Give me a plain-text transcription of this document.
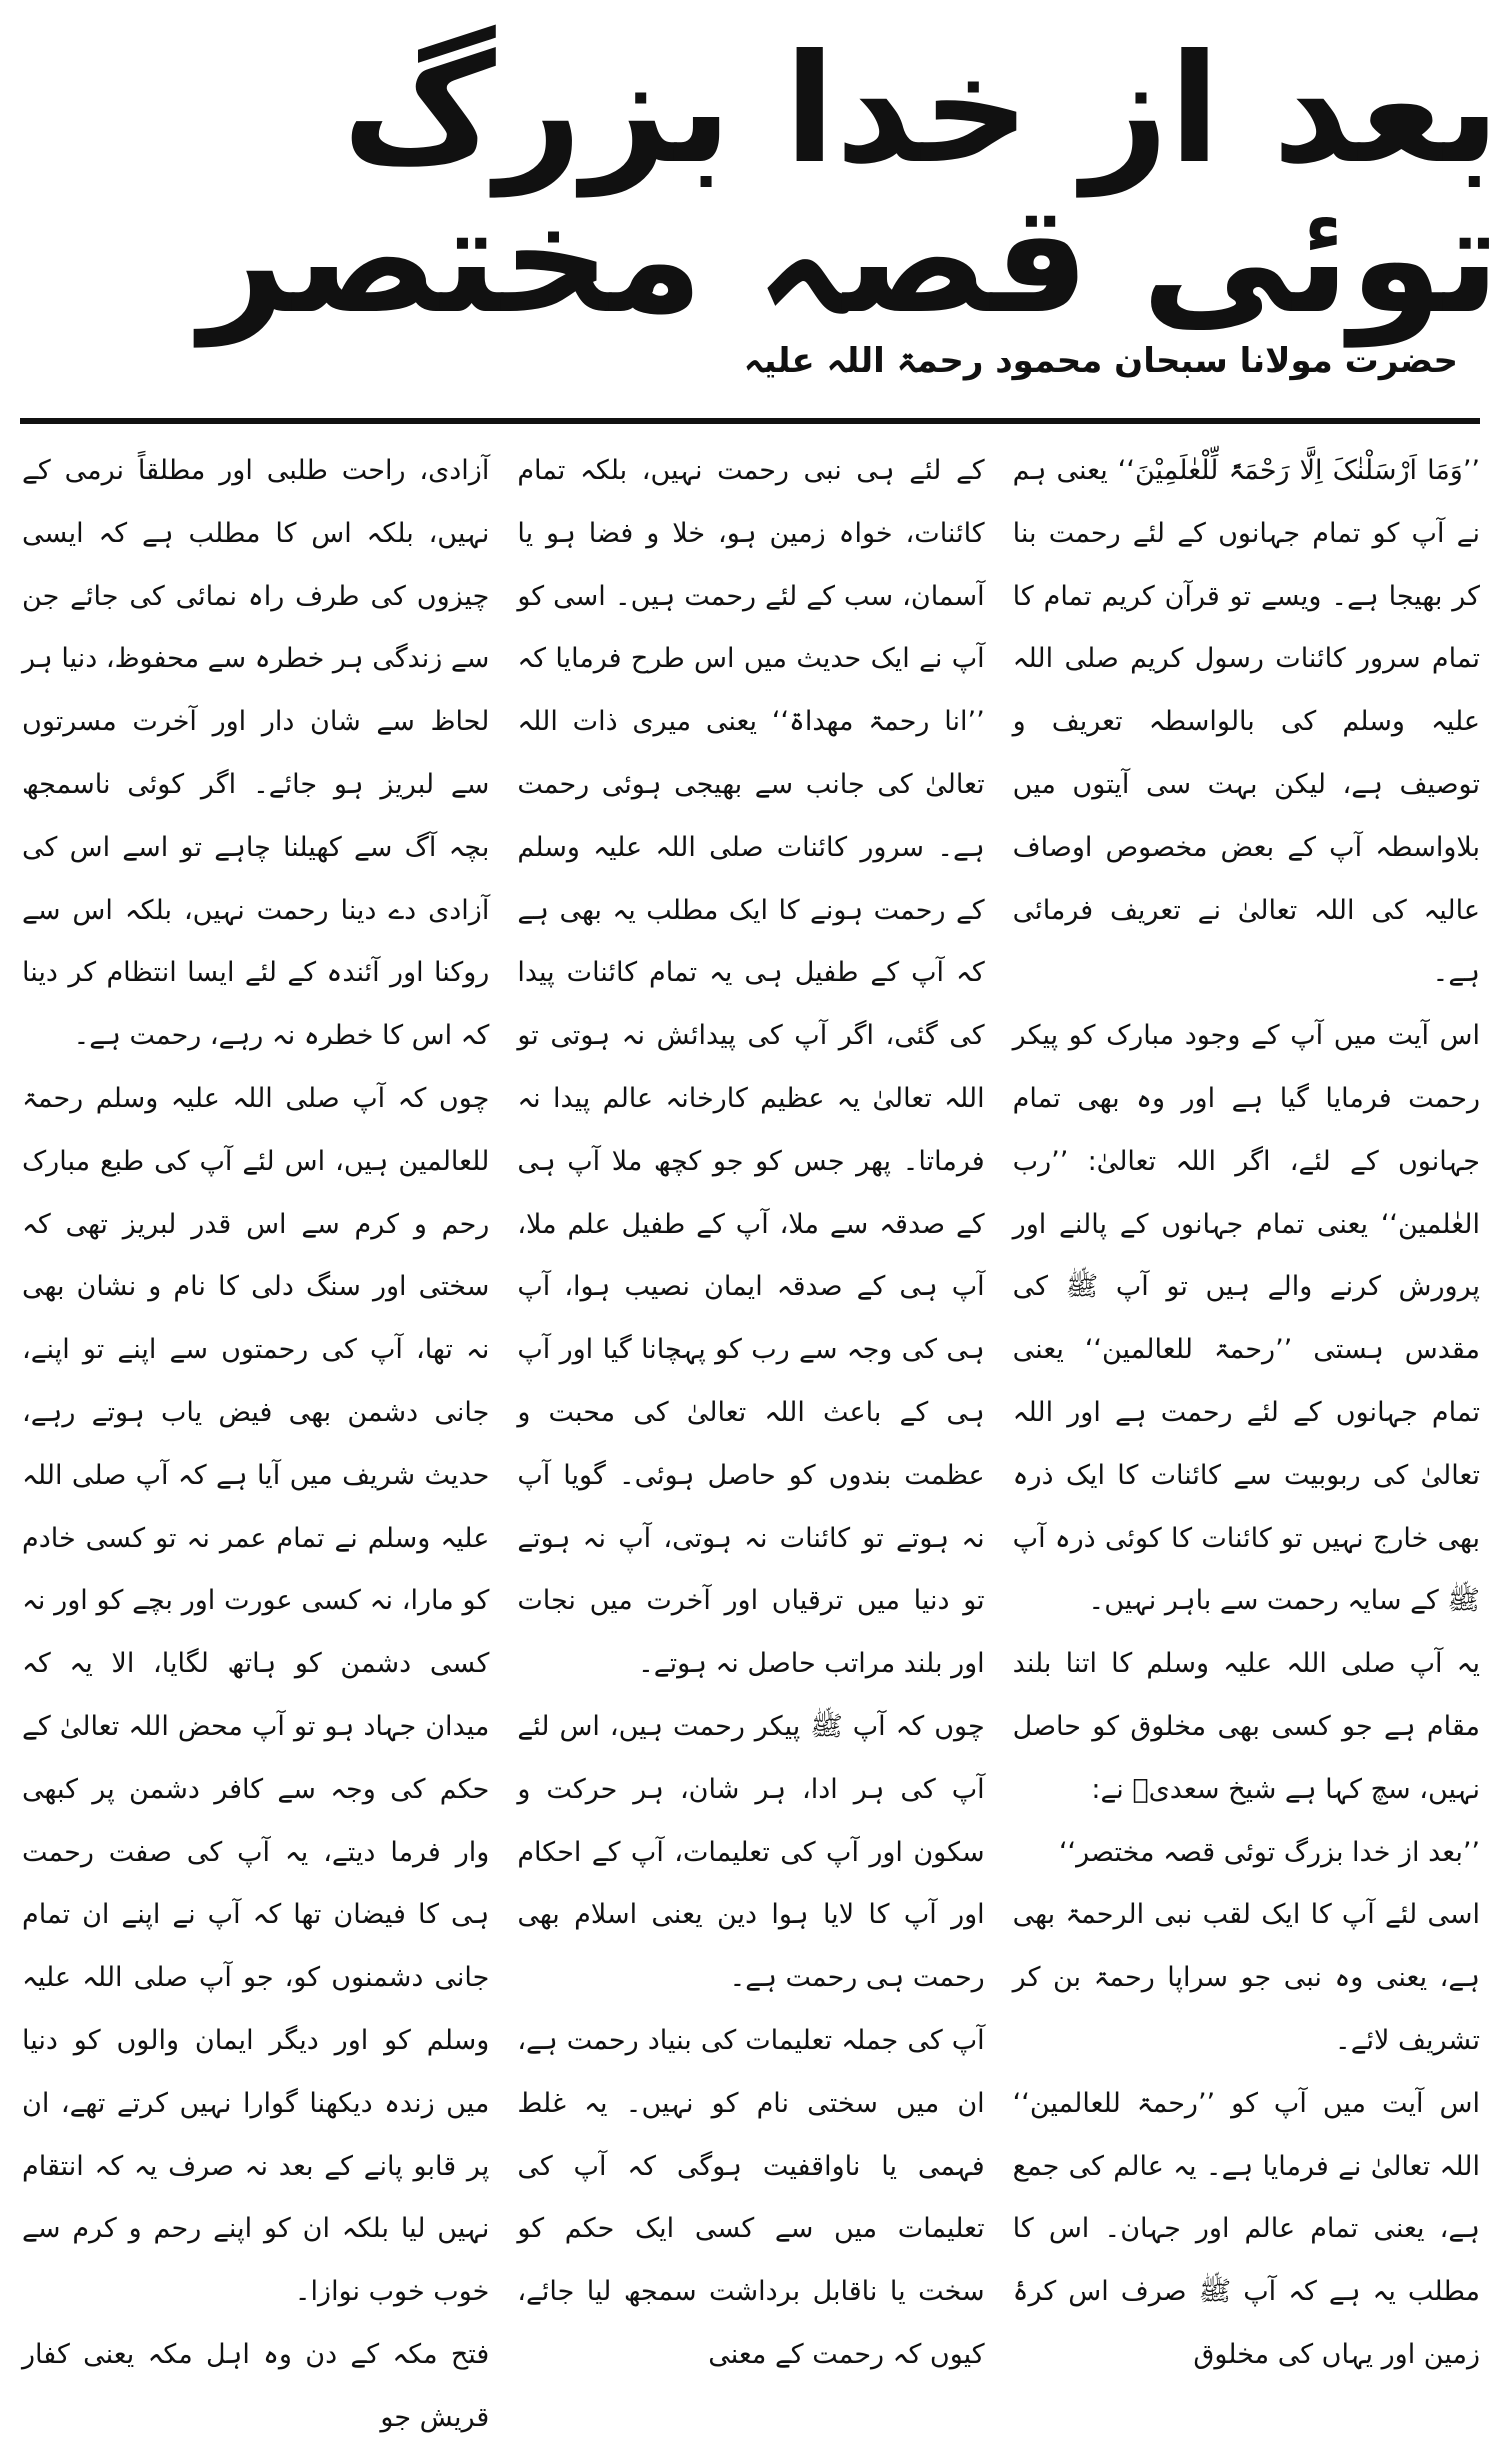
بعد از خدا بزرگ توئی قصہ مختصر
حضرت مولانا سبحان محمود رحمۃ اللہ علیہ

’’وَمَا اَرْسَلْنٰکَ اِلَّا رَحْمَۃً لِّلْعٰلَمِیْنَ‘‘ یعنی ہم نے آپ کو تمام جہانوں کے لئے رحمت بنا کر بھیجا ہے۔ ویسے تو قرآن کریم تمام کا تمام سرور کائنات رسول کریم صلی اللہ علیہ وسلم کی بالواسطہ تعریف و توصیف ہے، لیکن بہت سی آیتوں میں بلاواسطہ آپ کے بعض مخصوص اوصاف عالیہ کی اللہ تعالیٰ نے تعریف فرمائی ہے۔

اس آیت میں آپ کے وجود مبارک کو پیکر رحمت فرمایا گیا ہے اور وہ بھی تمام جہانوں کے لئے، اگر اللہ تعالیٰ: ’’رب العٰلمین‘‘ یعنی تمام جہانوں کے پالنے اور پرورش کرنے والے ہیں تو آپ ﷺ کی مقدس ہستی ’’رحمۃ للعالمین‘‘ یعنی تمام جہانوں کے لئے رحمت ہے اور اللہ تعالیٰ کی ربوبیت سے کائنات کا ایک ذرہ بھی خارج نہیں تو کائنات کا کوئی ذرہ آپ ﷺ کے سایہ رحمت سے باہر نہیں۔

یہ آپ صلی اللہ علیہ وسلم کا اتنا بلند مقام ہے جو کسی بھی مخلوق کو حاصل نہیں، سچ کہا ہے شیخ سعدیؒ نے:

’’بعد از خدا بزرگ توئی قصہ مختصر‘‘

اسی لئے آپ کا ایک لقب نبی الرحمۃ بھی ہے، یعنی وہ نبی جو سراپا رحمۃ بن کر تشریف لائے۔

اس آیت میں آپ کو ’’رحمۃ للعالمین‘‘ اللہ تعالیٰ نے فرمایا ہے۔ یہ عالم کی جمع ہے، یعنی تمام عالم اور جہان۔ اس کا مطلب یہ ہے کہ آپ ﷺ صرف اس کرۂ زمین اور یہاں کی مخلوق

کے لئے ہی نبی رحمت نہیں، بلکہ تمام کائنات، خواہ زمین ہو، خلا و فضا ہو یا آسمان، سب کے لئے رحمت ہیں۔ اسی کو آپ نے ایک حدیث میں اس طرح فرمایا کہ ’’انا رحمۃ مھداۃ‘‘ یعنی میری ذات اللہ تعالیٰ کی جانب سے بھیجی ہوئی رحمت ہے۔ سرور کائنات صلی اللہ علیہ وسلم کے رحمت ہونے کا ایک مطلب یہ بھی ہے کہ آپ کے طفیل ہی یہ تمام کائنات پیدا کی گئی، اگر آپ کی پیدائش نہ ہوتی تو اللہ تعالیٰ یہ عظیم کارخانہ عالم پیدا نہ فرماتا۔ پھر جس کو جو کچھ ملا آپ ہی کے صدقہ سے ملا، آپ کے طفیل علم ملا، آپ ہی کے صدقہ ایمان نصیب ہوا، آپ ہی کی وجہ سے رب کو پہچانا گیا اور آپ ہی کے باعث اللہ تعالیٰ کی محبت و عظمت بندوں کو حاصل ہوئی۔ گویا آپ نہ ہوتے تو کائنات نہ ہوتی، آپ نہ ہوتے تو دنیا میں ترقیاں اور آخرت میں نجات اور بلند مراتب حاصل نہ ہوتے۔

چوں کہ آپ ﷺ پیکر رحمت ہیں، اس لئے آپ کی ہر ادا، ہر شان، ہر حرکت و سکون اور آپ کی تعلیمات، آپ کے احکام اور آپ کا لایا ہوا دین یعنی اسلام بھی رحمت ہی رحمت ہے۔

آپ کی جملہ تعلیمات کی بنیاد رحمت ہے، ان میں سختی نام کو نہیں۔ یہ غلط فہمی یا ناواقفیت ہوگی کہ آپ کی تعلیمات میں سے کسی ایک حکم کو سخت یا ناقابل برداشت سمجھ لیا جائے، کیوں کہ رحمت کے معنی

آزادی، راحت طلبی اور مطلقاً نرمی کے نہیں، بلکہ اس کا مطلب ہے کہ ایسی چیزوں کی طرف راہ نمائی کی جائے جن سے زندگی ہر خطرہ سے محفوظ، دنیا ہر لحاظ سے شان دار اور آخرت مسرتوں سے لبریز ہو جائے۔ اگر کوئی ناسمجھ بچہ آگ سے کھیلنا چاہے تو اسے اس کی آزادی دے دینا رحمت نہیں، بلکہ اس سے روکنا اور آئندہ کے لئے ایسا انتظام کر دینا کہ اس کا خطرہ نہ رہے، رحمت ہے۔

چوں کہ آپ صلی اللہ علیہ وسلم رحمۃ للعالمین ہیں، اس لئے آپ کی طبع مبارک رحم و کرم سے اس قدر لبریز تھی کہ سختی اور سنگ دلی کا نام و نشان بھی نہ تھا، آپ کی رحمتوں سے اپنے تو اپنے، جانی دشمن بھی فیض یاب ہوتے رہے، حدیث شریف میں آیا ہے کہ آپ صلی اللہ علیہ وسلم نے تمام عمر نہ تو کسی خادم کو مارا، نہ کسی عورت اور بچے کو اور نہ کسی دشمن کو ہاتھ لگایا، الا یہ کہ میدان جہاد ہو تو آپ محض اللہ تعالیٰ کے حکم کی وجہ سے کافر دشمن پر کبھی وار فرما دیتے، یہ آپ کی صفت رحمت ہی کا فیضان تھا کہ آپ نے اپنے ان تمام جانی دشمنوں کو، جو آپ صلی اللہ علیہ وسلم کو اور دیگر ایمان والوں کو دنیا میں زندہ دیکھنا گوارا نہیں کرتے تھے، ان پر قابو پانے کے بعد نہ صرف یہ کہ انتقام نہیں لیا بلکہ ان کو اپنے رحم و کرم سے خوب خوب نوازا۔

فتح مکہ کے دن وہ اہل مکہ یعنی کفار قریش جو
